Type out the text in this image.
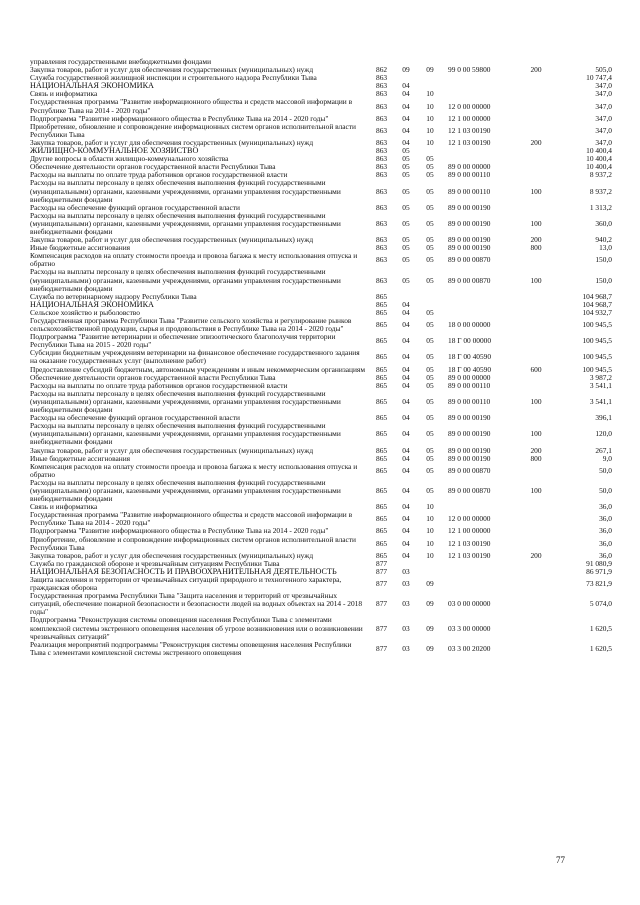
управления государственными внебюджетными фондами
Закупка товаров, работ и услуг для обеспечения государственных (муниципальных) нужд	862	09	09	99 0 00 59800	200	505,0
Служба государственной жилищной инспекции и строительного надзора Республики Тыва	863	10 747,4
НАЦИОНАЛЬНАЯ ЭКОНОМИКА	863	04	347,0
Связь и информатика	863	04	10	347,0
Государственная программа "Развитие информационного общества и средств массовой информации в Республике Тыва на 2014 - 2020 годы"	863	04	10	12 0 00 00000	347,0
Подпрограмма "Развитие информационного общества в Республике Тыва на 2014 - 2020 годы"	863	04	10	12 1 00 00000	347,0
Приобретение, обновление и сопровождение информационных систем органов исполнительной власти Республики Тыва	863	04	10	12 1 03 00190	347,0
Закупка товаров, работ и услуг для обеспечения государственных (муниципальных) нужд	863	04	10	12 1 03 00190	200	347,0
ЖИЛИЩНО-КОММУНАЛЬНОЕ ХОЗЯЙСТВО	863	05	10 400,4
Другие вопросы в области жилищно-коммунального хозяйства	863	05	05	10 400,4
Обеспечение деятельности органов государственной власти Республики Тыва	863	05	05	89 0 00 00000	10 400,4
Расходы на выплаты по оплате труда работников органов государственной власти	863	05	05	89 0 00 00110	8 937,2
Расходы на выплаты персоналу в целях обеспечения выполнения функций государственными (муниципальными) органами, казенными учреждениями, органами управления государственными внебюджетными фондами
863	05	05	89 0 00 00110	100	8 937,2
Расходы на обеспечение функций органов государственной власти	863	05	05	89 0 00 00190	1 313,2
Расходы на выплаты персоналу в целях обеспечения выполнения функций государственными (муниципальными) органами, казенными учреждениями, органами управления государственными внебюджетными фондами
863	05	05	89 0 00 00190	100	360,0
Закупка товаров, работ и услуг для обеспечения государственных (муниципальных) нужд	863	05	05	89 0 00 00190	200	940,2
Иные бюджетные ассигнования	863	05	05	89 0 00 00190	800	13,0
Компенсация расходов на оплату стоимости проезда и провоза багажа к месту использования отпуска и обратно	863	05	05	89 0 00 00870	150,0
Расходы на выплаты персоналу в целях обеспечения выполнения функций государственными (муниципальными) органами, казенными учреждениями, органами управления государственными внебюджетными фондами
863	05	05	89 0 00 00870	100	150,0
Служба по ветеринарному надзору Республики Тыва	865	104 968,7
НАЦИОНАЛЬНАЯ ЭКОНОМИКА	865	04	104 968,7
Сельское хозяйство и рыболовство	865	04	05	104 932,7
Государственная программа Республики Тыва "Развитие сельского хозяйства и регулирование рынков сельскохозяйственной продукции, сырья и продовольствия в Республике Тыва на 2014 - 2020 годы"	865	04	05	18 0 00 00000	100 945,5
Подпрограмма "Развитие ветеринарии и обеспечение эпизоотического благополучия территории Республики Тыва на 2015 - 2020 годы"	865	04	05	18 Г 00 00000	100 945,5
Субсидии бюджетным учреждениям ветеринарии на финансовое обеспечение государственного задания на оказание государственных услуг (выполнение работ)	865	04	05	18 Г 00 40590	100 945,5
Предоставление субсидий бюджетным, автономным учреждениям и иным некоммерческим организациям	865	04	05	18 Г 00 40590	600	100 945,5
Обеспечение деятельности органов государственной власти Республики Тыва	865	04	05	89 0 00 00000	3 987,2
Расходы на выплаты по оплате труда работников органов государственной власти	865	04	05	89 0 00 00110	3 541,1
Расходы на выплаты персоналу в целях обеспечения выполнения функций государственными (муниципальными) органами, казенными учреждениями, органами управления государственными внебюджетными фондами
865	04	05	89 0 00 00110	100	3 541,1
Расходы на обеспечение функций органов государственной власти	865	04	05	89 0 00 00190	396,1
Расходы на выплаты персоналу в целях обеспечения выполнения функций государственными (муниципальными) органами, казенными учреждениями, органами управления государственными внебюджетными фондами
865	04	05	89 0 00 00190	100	120,0
Закупка товаров, работ и услуг для обеспечения государственных (муниципальных) нужд	865	04	05	89 0 00 00190	200	267,1
Иные бюджетные ассигнования	865	04	05	89 0 00 00190	800	9,0
Компенсация расходов на оплату стоимости проезда и провоза багажа к месту использования отпуска и обратно	865	04	05	89 0 00 00870	50,0
Расходы на выплаты персоналу в целях обеспечения выполнения функций государственными (муниципальными) органами, казенными учреждениями, органами управления государственными внебюджетными фондами
865	04	05	89 0 00 00870	100	50,0
Связь и информатика	865	04	10	36,0
Государственная программа "Развитие информационного общества и средств массовой информации в Республике Тыва на 2014 - 2020 годы"	865	04	10	12 0 00 00000	36,0
Подпрограмма "Развитие информационного общества в Республике Тыва на 2014 - 2020 годы"	865	04	10	12 1 00 00000	36,0
Приобретение, обновление и сопровождение информационных систем органов исполнительной власти Республики Тыва	865	04	10	12 1 03 00190	36,0
Закупка товаров, работ и услуг для обеспечения государственных (муниципальных) нужд	865	04	10	12 1 03 00190	200	36,0
Служба по гражданской обороне и чрезвычайным ситуациям Республики Тыва	877	91 080,9
НАЦИОНАЛЬНАЯ БЕЗОПАСНОСТЬ И ПРАВООХРАНИТЕЛЬНАЯ ДЕЯТЕЛЬНОСТЬ	877	03	86 971,9
Защита населения и территории от чрезвычайных ситуаций природного и техногенного характера, гражданская оборона	877	03	09	73 821,9
Государственная программа Республики Тыва "Защита населения и территорий от чрезвычайных ситуаций, обеспечение пожарной безопасности и безопасности людей на водных объектах на 2014 - 2018 годы"
877	03	09	03 0 00 00000	5 074,0
Подпрограмма "Реконструкция системы оповещения населения Республики Тыва с элементами комплексной системы экстренного оповещения населения об угрозе возникновения или о возникновении чрезвычайных ситуаций"
877	03	09	03 3 00 00000	1 620,5
Реализация мероприятий подпрограммы "Реконструкция системы оповещения населения Республики Тыва с элементами комплексной системы экстренного оповещения	877	03	09	03 3 00 20200	1 620,5
77
